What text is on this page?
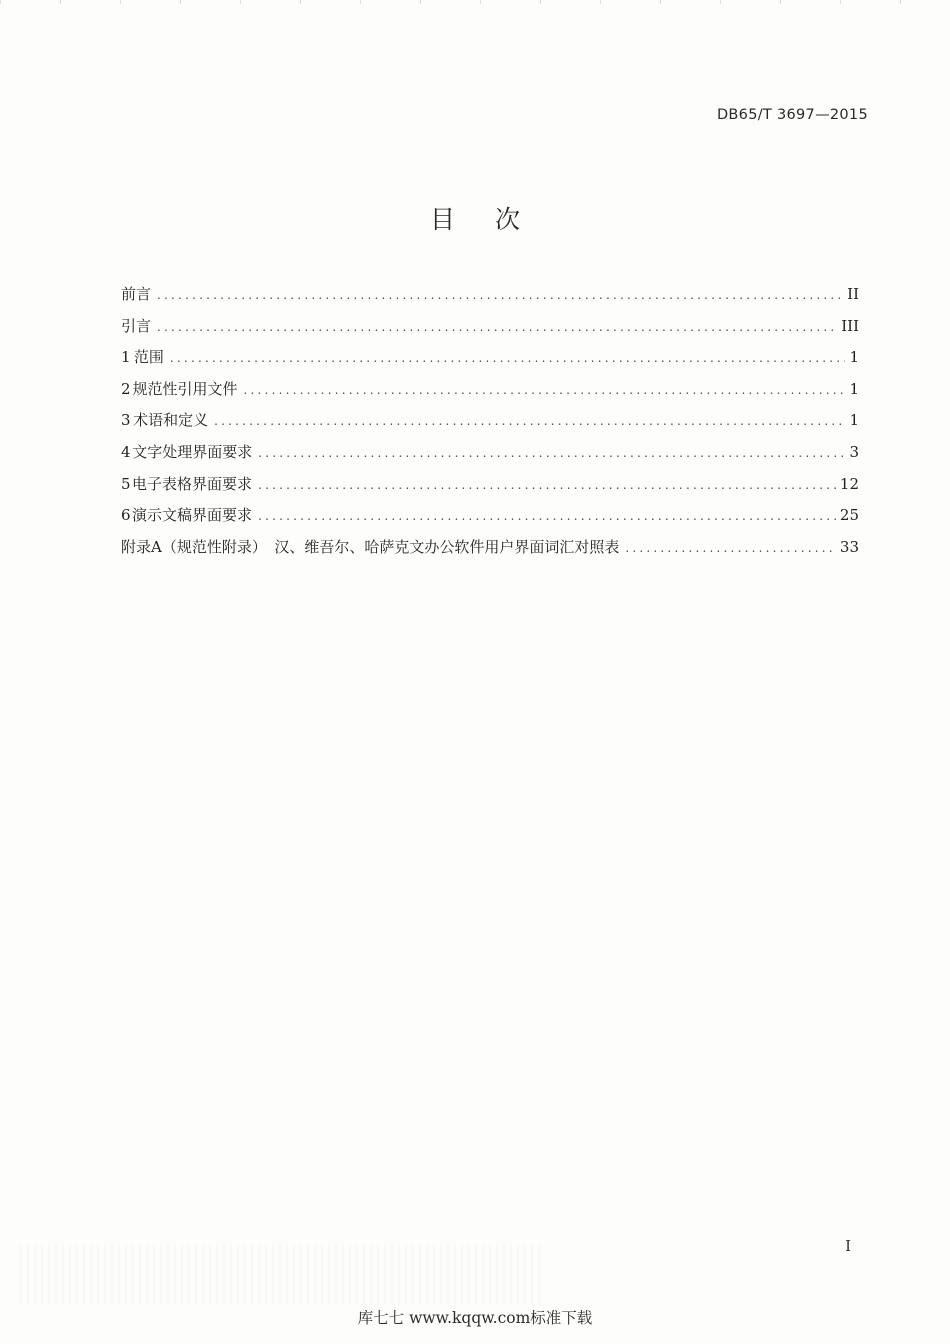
DB65/T 3697—2015
目次
前言 .....	II
引言 .....	III
1 范围 .....	1
2 规范性引用文件 .....	1
3 术语和定义 .....	1
4 文字处理界面要求 .....	3
5 电子表格界面要求 .....	12
6 演示文稿界面要求 .....	25
附录A（规范性附录）　汉、维吾尔、哈萨克文办公软件用户界面词汇对照表 .....	33
I
库七七 www.kqqw.com标准下载
